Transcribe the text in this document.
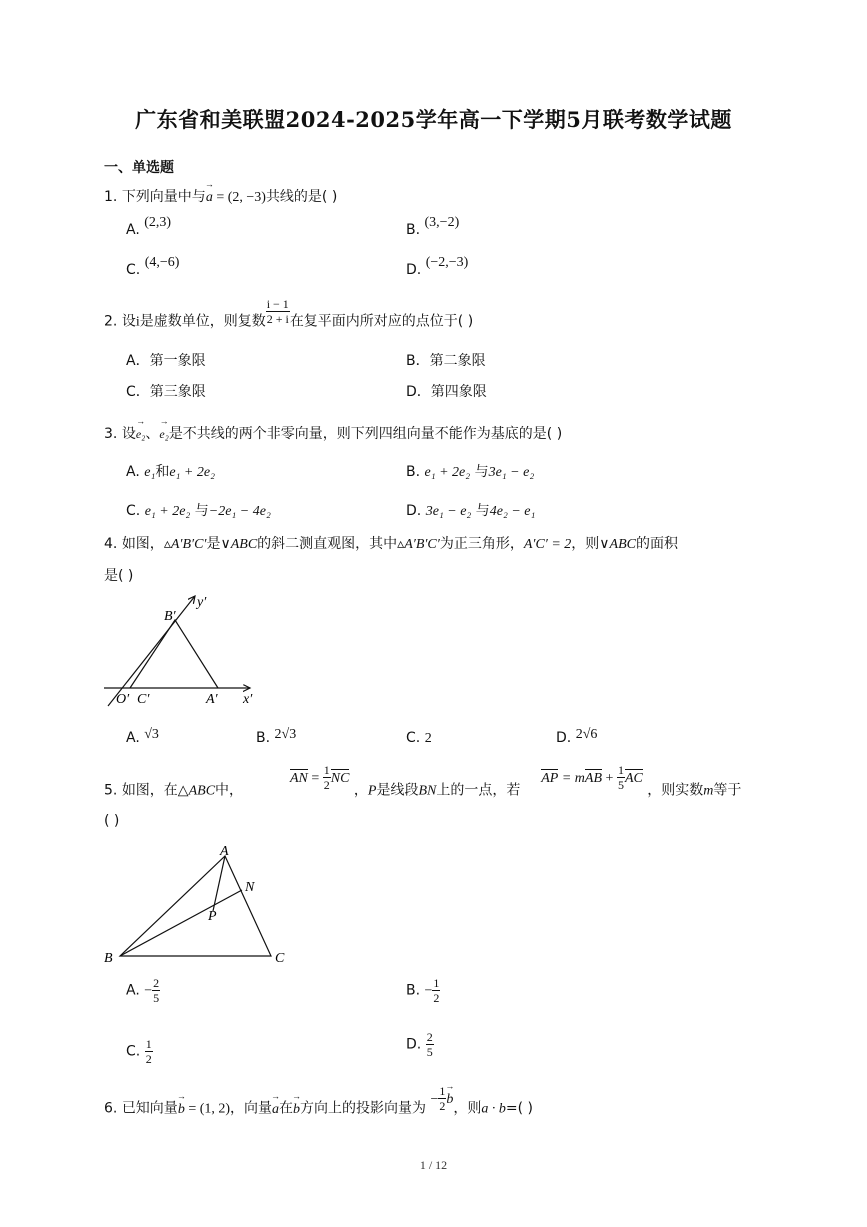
广东省和美联盟2024-2025学年高一下学期5月联考数学试题
一、单选题
1. 下列向量中与a → = (2, −3)共线的是( )
A. (2,3)	B. (3,−2)
C. (4,−6)	D. (−2,−3)
2. 设i是虚数单位，则复数 $\frac{i - 1}{2 + i}$ 在复平面内所对应的点位于( )
A．第一象限	B．第二象限
C．第三象限	D．第四象限
3. 设e₂ →、e₂ →是不共线的两个非零向量，则下列四组向量不能作为基底的是( )
A. e₁和e₁ + 2e₂	B. e₁ + 2e₂ 与3e₁ − e₂
C. e₁ + 2e₂ 与−2e₁ − 4e₂	D. 3e₁ − e₂ 与4e₂ − e₁
4. 如图，▵A′B′C′是∨ABC的斜二测直观图，其中▵A′B′C′为正三角形，A′C′ = 2，则∨ABC的面积
是( )
B′
y′
O′ C′	A′ x′
A. √3	B. 2√3	C. 2	D. 2√6
5. 如图，在△ABC中，  AN = $\frac{1}{2}$ NC ，P是线段BN上的一点，若  AP = mAB + $\frac{1}{5}$ AC ，则实数m等于
( )
A
N
P
B	C
A. − $\frac{2}{5}$	B. − $\frac{1}{2}$
C. $\frac{1}{2}$	D. $\frac{2}{5}$
6. 已知向量b → = (1, 2)，向量a →在b →方向上的投影向量为 − $\frac{1}{2}$ b →，则a · b=( )
1 / 12
